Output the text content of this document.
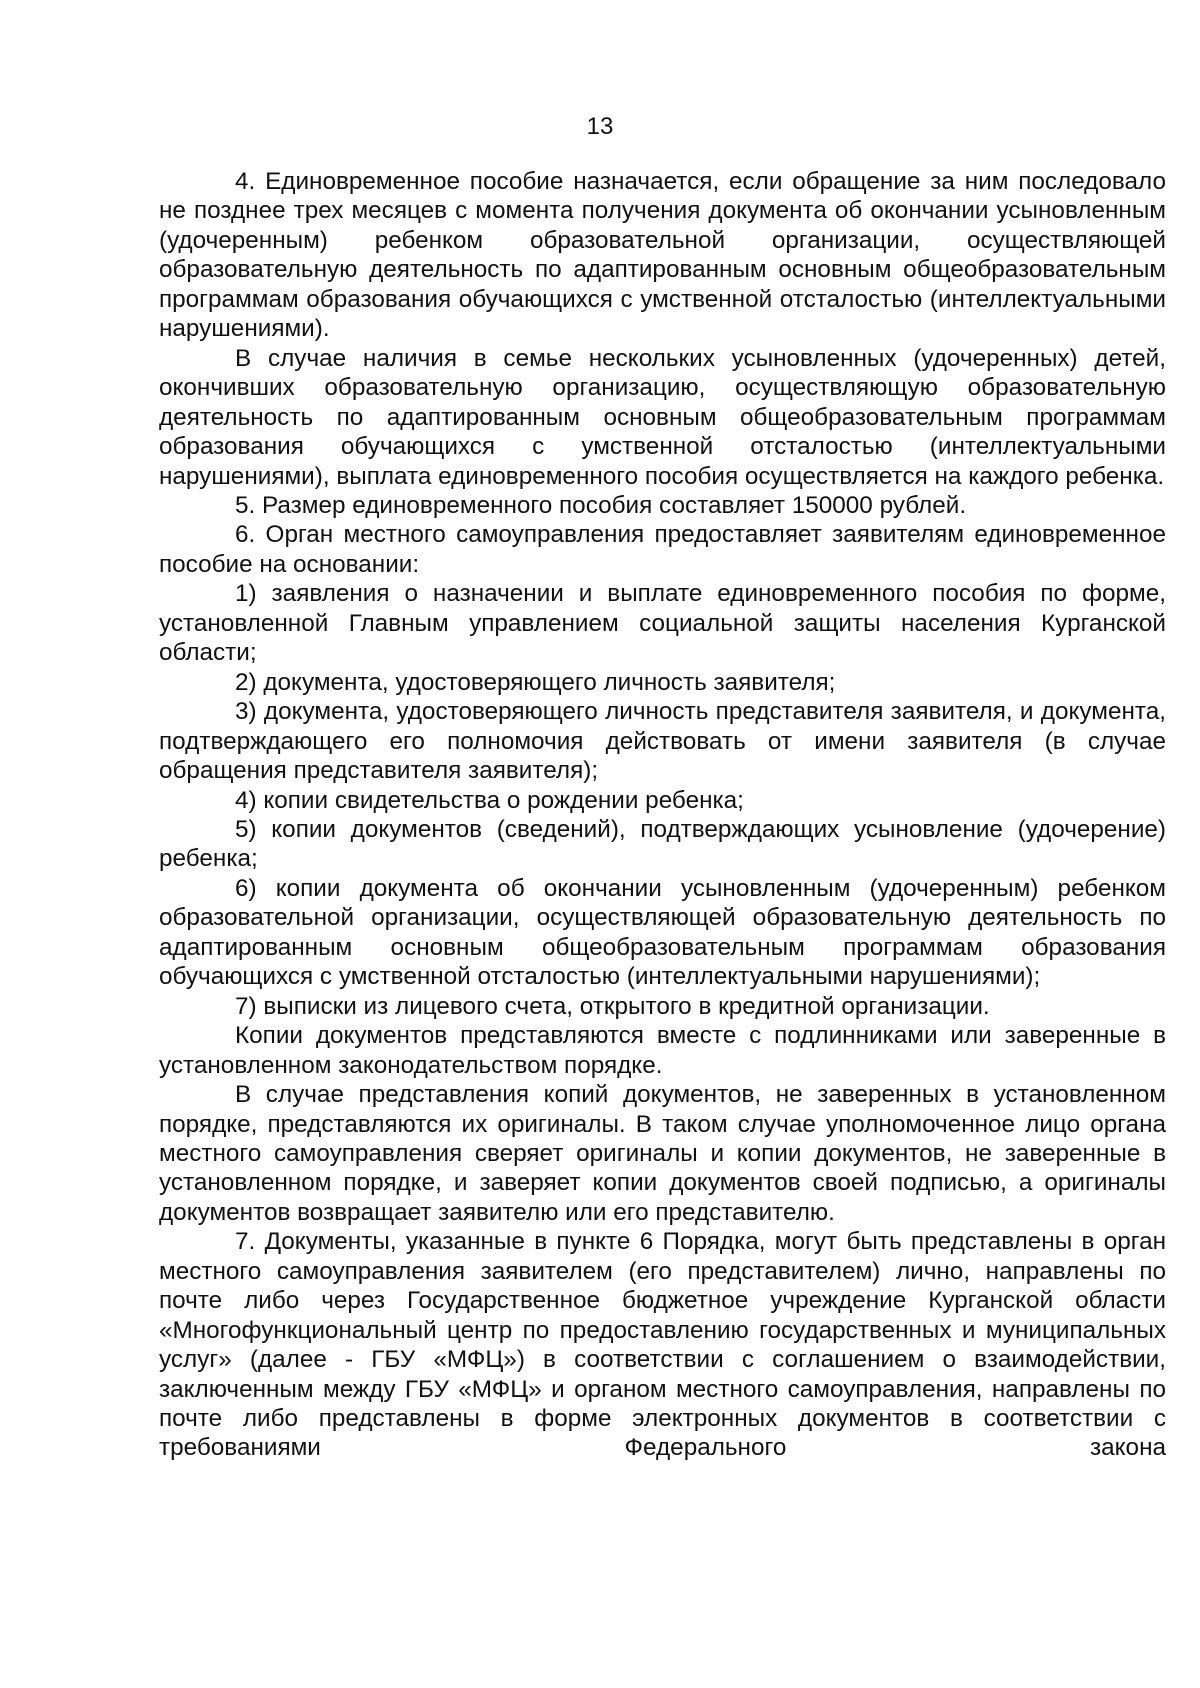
13

4. Единовременное пособие назначается, если обращение за ним последовало не позднее трех месяцев с момента получения документа об окончании усыновленным (удочеренным) ребенком образовательной организации, осуществляющей образовательную деятельность по адаптированным основным общеобразовательным программам образования обучающихся с умственной отсталостью (интеллектуальными нарушениями).

В случае наличия в семье нескольких усыновленных (удочеренных) детей, окончивших образовательную организацию, осуществляющую образовательную деятельность по адаптированным основным общеобразовательным программам образования обучающихся с умственной отсталостью (интеллектуальными нарушениями), выплата единовременного пособия осуществляется на каждого ребенка.

5. Размер единовременного пособия составляет 150000 рублей.

6. Орган местного самоуправления предоставляет заявителям единовременное пособие на основании:

1) заявления о назначении и выплате единовременного пособия по форме, установленной Главным управлением социальной защиты населения Курганской области;

2) документа, удостоверяющего личность заявителя;

3) документа, удостоверяющего личность представителя заявителя, и документа, подтверждающего его полномочия действовать от имени заявителя (в случае обращения представителя заявителя);

4) копии свидетельства о рождении ребенка;

5) копии документов (сведений), подтверждающих усыновление (удочерение) ребенка;

6) копии документа об окончании усыновленным (удочеренным) ребенком образовательной организации, осуществляющей образовательную деятельность по адаптированным основным общеобразовательным программам образования обучающихся с умственной отсталостью (интеллектуальными нарушениями);

7) выписки из лицевого счета, открытого в кредитной организации.

Копии документов представляются вместе с подлинниками или заверенные в установленном законодательством порядке.

В случае представления копий документов, не заверенных в установленном порядке, представляются их оригиналы. В таком случае уполномоченное лицо органа местного самоуправления сверяет оригиналы и копии документов, не заверенные в установленном порядке, и заверяет копии документов своей подписью, а оригиналы документов возвращает заявителю или его представителю.

7. Документы, указанные в пункте 6 Порядка, могут быть представлены в орган местного самоуправления заявителем (его представителем) лично, направлены по почте либо через Государственное бюджетное учреждение Курганской области «Многофункциональный центр по предоставлению государственных и муниципальных услуг» (далее - ГБУ «МФЦ») в соответствии с соглашением о взаимодействии, заключенным между ГБУ «МФЦ» и органом местного самоуправления, направлены по почте либо представлены в форме электронных документов в соответствии с требованиями Федерального закона
